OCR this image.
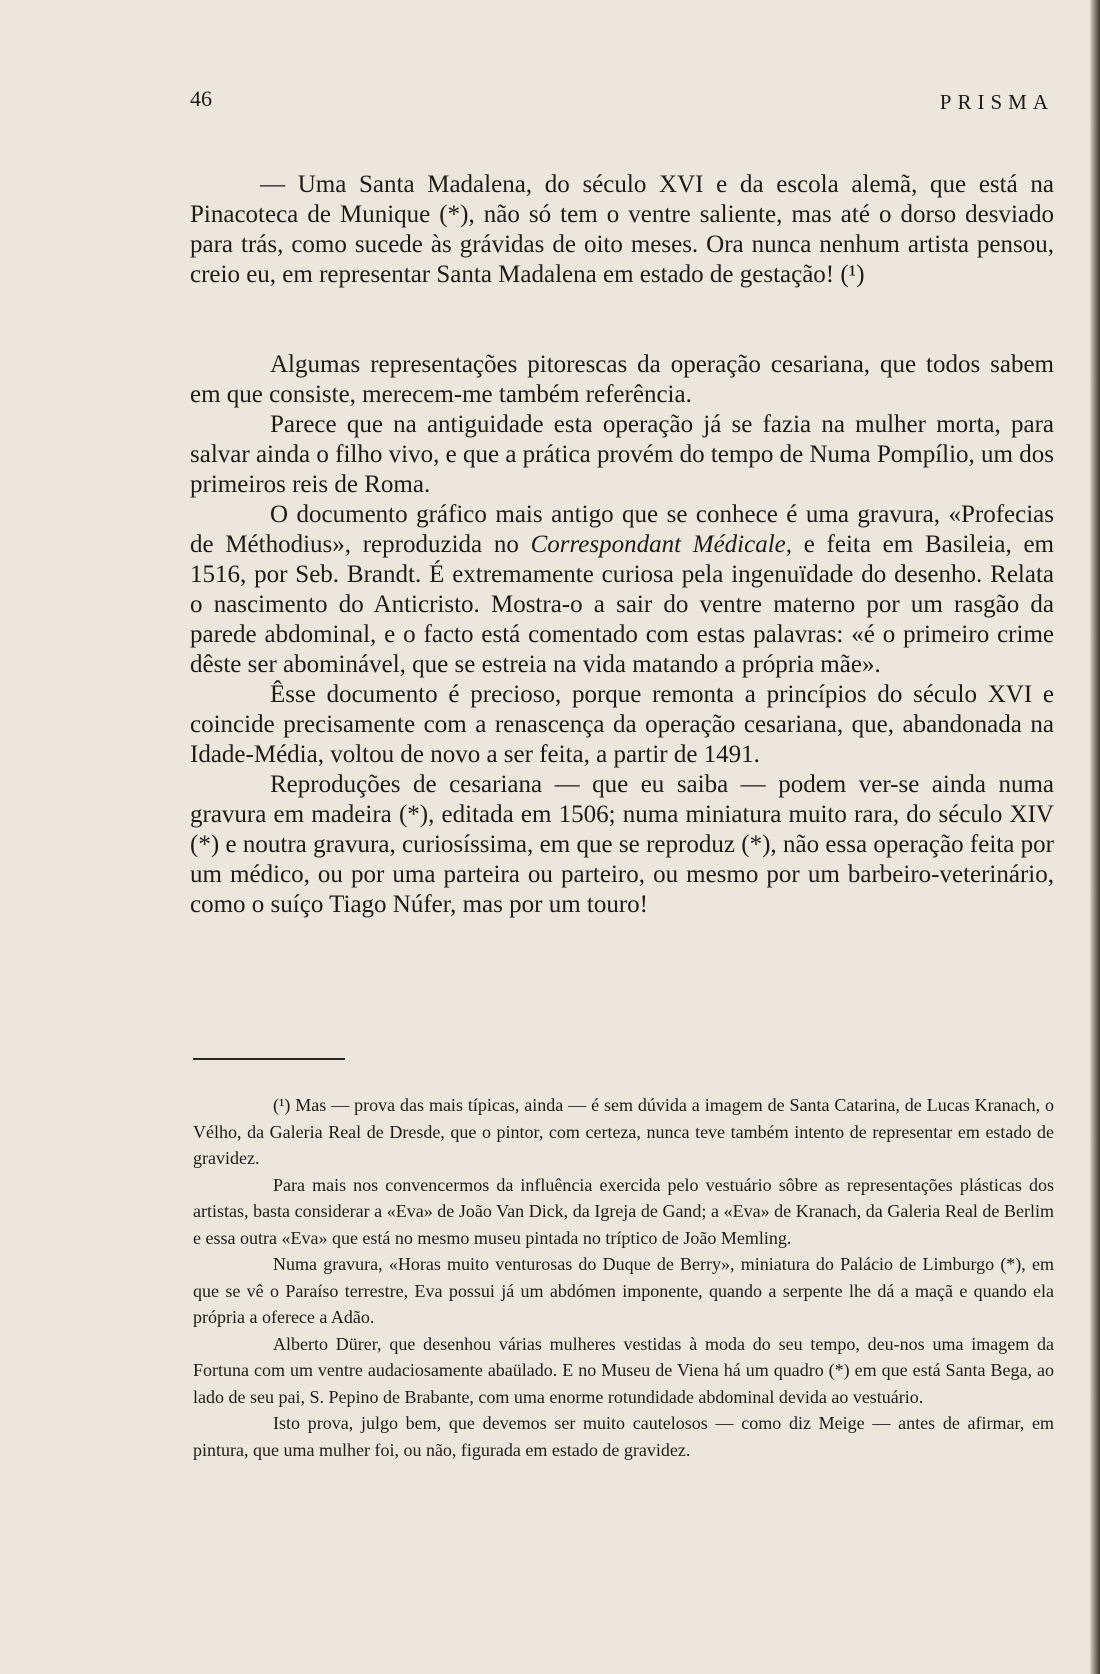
46	PRISMA

— Uma Santa Madalena, do século XVI e da escola alemã, que está na Pinacoteca de Munique (*), não só tem o ventre saliente, mas até o dorso desviado para trás, como sucede às grávidas de oito meses. Ora nunca nenhum artista pensou, creio eu, em representar Santa Madalena em estado de gestação! (¹)

Algumas representações pitorescas da operação cesariana, que todos sabem em que consiste, merecem-me também referência.

Parece que na antiguidade esta operação já se fazia na mulher morta, para salvar ainda o filho vivo, e que a prática provém do tempo de Numa Pompílio, um dos primeiros reis de Roma.

O documento gráfico mais antigo que se conhece é uma gravura, «Profecias de Méthodius», reproduzida no Correspondant Médicale, e feita em Basileia, em 1516, por Seb. Brandt. É extremamente curiosa pela ingenuïdade do desenho. Relata o nascimento do Anticristo. Mostra-o a sair do ventre materno por um rasgão da parede abdominal, e o facto está comentado com estas palavras: «é o primeiro crime dêste ser abominável, que se estreia na vida matando a própria mãe».

Êsse documento é precioso, porque remonta a princípios do século XVI e coincide precisamente com a renascença da operação cesariana, que, abandonada na Idade-Média, voltou de novo a ser feita, a partir de 1491.

Reproduções de cesariana — que eu saiba — podem ver-se ainda numa gravura em madeira (*), editada em 1506; numa miniatura muito rara, do século XIV (*) e noutra gravura, curiosíssima, em que se reproduz (*), não essa operação feita por um médico, ou por uma parteira ou parteiro, ou mesmo por um barbeiro-veterinário, como o suíço Tiago Núfer, mas por um touro!

(¹) Mas — prova das mais típicas, ainda — é sem dúvida a imagem de Santa Catarina, de Lucas Kranach, o Vélho, da Galeria Real de Dresde, que o pintor, com certeza, nunca teve também intento de representar em estado de gravidez.

Para mais nos convencermos da influência exercida pelo vestuário sôbre as representações plásticas dos artistas, basta considerar a «Eva» de João Van Dick, da Igreja de Gand; a «Eva» de Kranach, da Galeria Real de Berlim e essa outra «Eva» que está no mesmo museu pintada no tríptico de João Memling.

Numa gravura, «Horas muito venturosas do Duque de Berry», miniatura do Palácio de Limburgo (*), em que se vê o Paraíso terrestre, Eva possui já um abdómen imponente, quando a serpente lhe dá a maçã e quando ela própria a oferece a Adão.

Alberto Dürer, que desenhou várias mulheres vestidas à moda do seu tempo, deu-nos uma imagem da Fortuna com um ventre audaciosamente abaülado. E no Museu de Viena há um quadro (*) em que está Santa Bega, ao lado de seu pai, S. Pepino de Brabante, com uma enorme rotundidade abdominal devida ao vestuário.

Isto prova, julgo bem, que devemos ser muito cautelosos — como diz Meige — antes de afirmar, em pintura, que uma mulher foi, ou não, figurada em estado de gravidez.
